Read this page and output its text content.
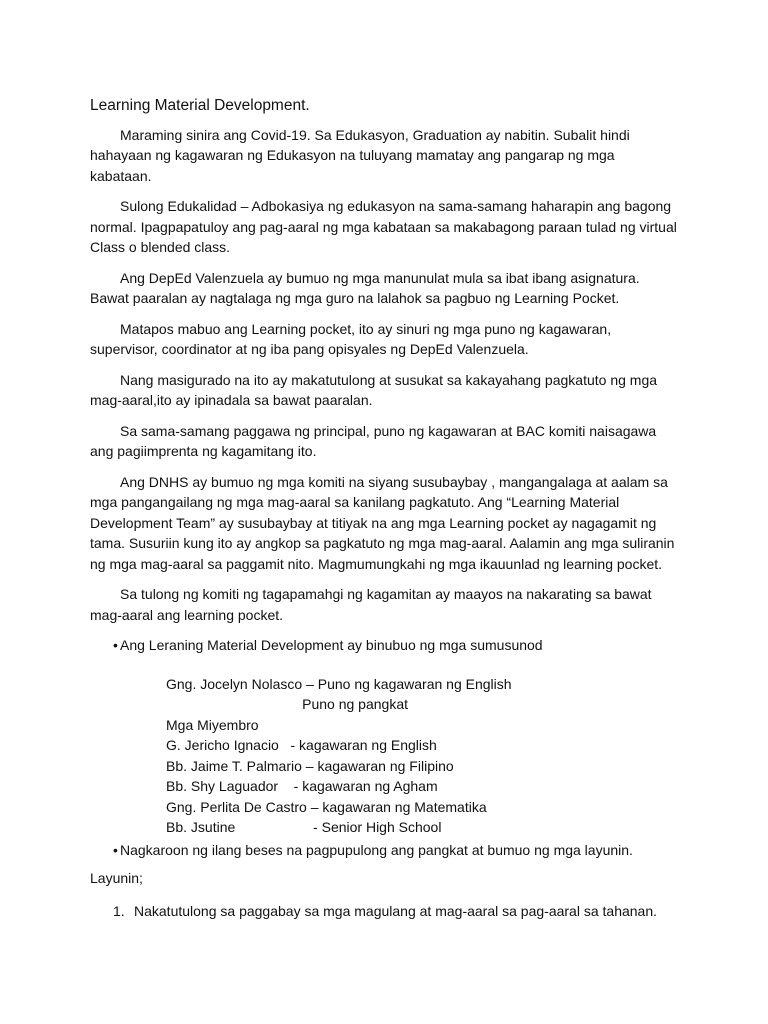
Learning Material Development.

Maraming sinira ang Covid-19. Sa Edukasyon, Graduation ay nabitin. Subalit hindi hahayaan ng kagawaran ng Edukasyon na tuluyang mamatay ang pangarap ng mga kabataan.

Sulong Edukalidad – Adbokasiya ng edukasyon na sama-samang haharapin ang bagong normal. Ipagpapatuloy ang pag-aaral ng mga kabataan sa makabagong paraan tulad ng virtual Class o blended class.

Ang DepEd Valenzuela ay bumuo ng mga manunulat mula sa ibat ibang asignatura. Bawat paaralan ay nagtalaga ng mga guro na lalahok sa pagbuo ng Learning Pocket.

Matapos mabuo ang Learning pocket, ito ay sinuri ng mga puno ng kagawaran, supervisor, coordinator at ng iba pang opisyales ng DepEd Valenzuela.

Nang masigurado na ito ay makatutulong at susukat sa kakayahang pagkatuto ng mga mag-aaral,ito ay ipinadala sa bawat paaralan.

Sa sama-samang paggawa ng principal, puno ng kagawaran at BAC komiti naisagawa ang pagiimprenta ng kagamitang ito.

Ang DNHS ay bumuo ng mga komiti na siyang susubaybay , mangangalaga at aalam sa mga pangangailang ng mga mag-aaral sa kanilang pagkatuto. Ang “Learning Material Development Team” ay susubaybay at titiyak na ang mga Learning pocket ay nagagamit ng tama. Susuriin kung ito ay angkop sa pagkatuto ng mga mag-aaral. Aalamin ang mga suliranin ng mga mag-aaral sa paggamit nito. Magmumungkahi ng mga ikauunlad ng learning pocket.

Sa tulong ng komiti ng tagapamahgi ng kagamitan ay maayos na nakarating sa bawat mag-aaral ang learning pocket.

• Ang Leraning Material Development ay binubuo ng mga sumusunod
Gng. Jocelyn Nolasco – Puno ng kagawaran ng English
Puno ng pangkat
Mga Miyembro
G. Jericho Ignacio   - kagawaran ng English
Bb. Jaime T. Palmario – kagawaran ng Filipino
Bb. Shy Laguador    - kagawaran ng Agham
Gng. Perlita De Castro – kagawaran ng Matematika
Bb. Jsutine                    - Senior High School
• Nagkaroon ng ilang beses na pagpupulong ang pangkat at bumuo ng mga layunin.

Layunin;

1. Nakatutulong sa paggabay sa mga magulang at mag-aaral sa pag-aaral sa tahanan.
